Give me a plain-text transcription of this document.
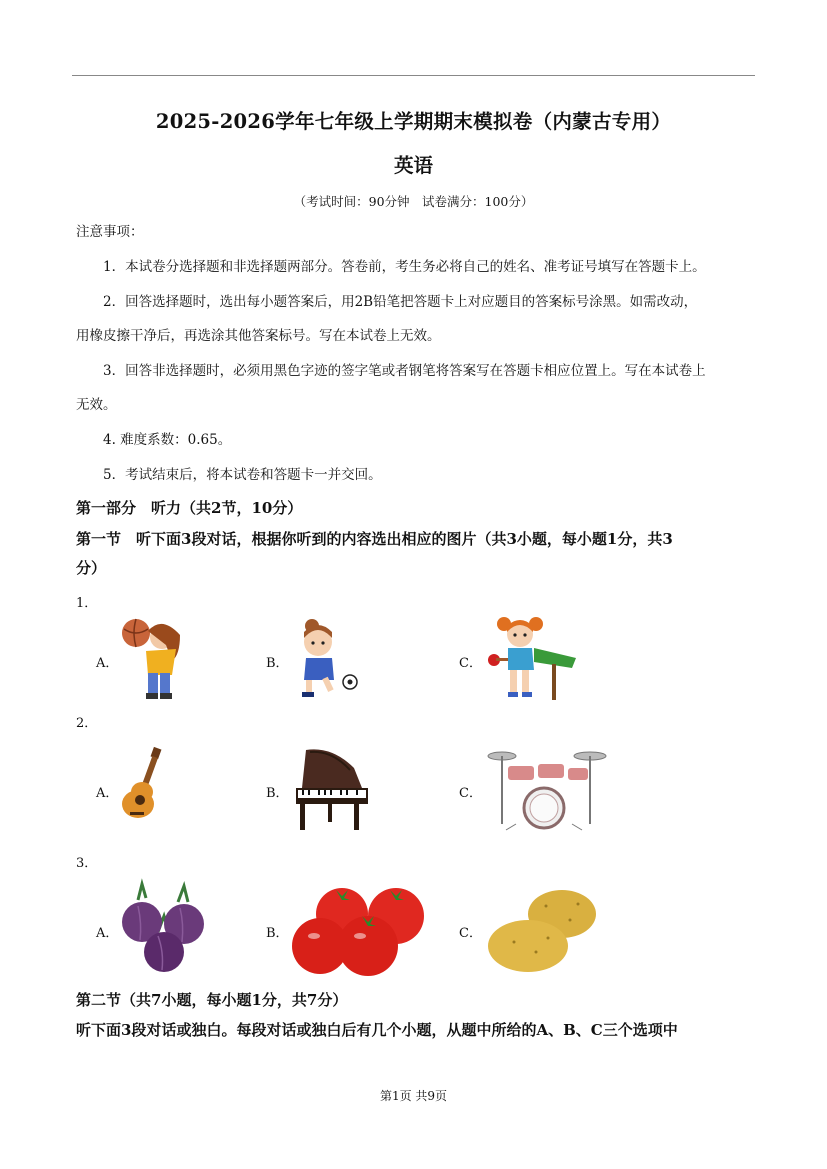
2025-2026学年七年级上学期期末模拟卷（内蒙古专用）
英语
（考试时间：90分钟　试卷满分：100分）
注意事项：
1．本试卷分选择题和非选择题两部分。答卷前，考生务必将自己的姓名、准考证号填写在答题卡上。
2．回答选择题时，选出每小题答案后，用2B铅笔把答题卡上对应题目的答案标号涂黑。如需改动，
用橡皮擦干净后，再选涂其他答案标号。写在本试卷上无效。
3．回答非选择题时，必须用黑色字迹的签字笔或者钢笔将答案写在答题卡相应位置上。写在本试卷上
无效。
4. 难度系数：0.65。
5．考试结束后，将本试卷和答题卡一并交回。
第一部分　听力（共2节，10分）
第一节　听下面3段对话，根据你听到的内容选出相应的图片（共3小题，每小题1分，共3
分）
1．
A．	B．	C．
2．
A．	B．	C．
3．
A．	B．	C．
第二节（共7小题，每小题1分，共7分）
听下面3段对话或独白。每段对话或独白后有几个小题，从题中所给的A、B、C三个选项中
第1页 共9页
